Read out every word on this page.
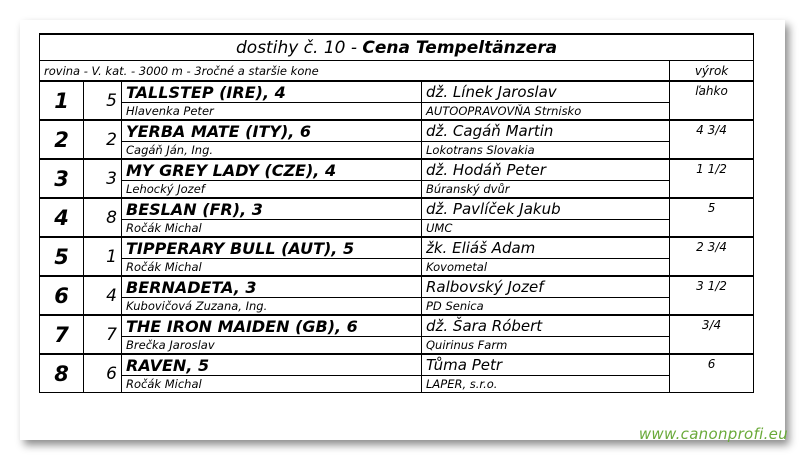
dostihy č. 10 - Cena Tempeltänzera				
rovina - V. kat. - 3000 m - 3ročné a staršie kone				výrok
1	5	TALLSTEP (IRE), 4	dž. Línek Jaroslav	ľahko
		Hlavenka Peter	AUTOOPRAVOVŇA Strnisko	
2	2	YERBA MATE (ITY), 6	dž. Cagáň Martin	4 3/4
		Cagáň Ján, Ing.	Lokotrans Slovakia	
3	3	MY GREY LADY (CZE), 4	dž. Hodáň Peter	1 1/2
		Lehocký Jozef	Búranský dvůr	
4	8	BESLAN (FR), 3	dž. Pavlíček Jakub	5
		Ročák Michal	UMC	
5	1	TIPPERARY BULL (AUT), 5	žk. Eliáš Adam	2 3/4
		Ročák Michal	Kovometal	
6	4	BERNADETA, 3	Ralbovský Jozef	3 1/2
		Kubovičová Zuzana, Ing.	PD Senica	
7	7	THE IRON MAIDEN (GB), 6	dž. Šara Róbert	3/4
		Brečka Jaroslav	Quirinus Farm	
8	6	RAVEN, 5	Tůma Petr	6
		Ročák Michal	LAPER, s.r.o.	
www.canonprofi.eu
